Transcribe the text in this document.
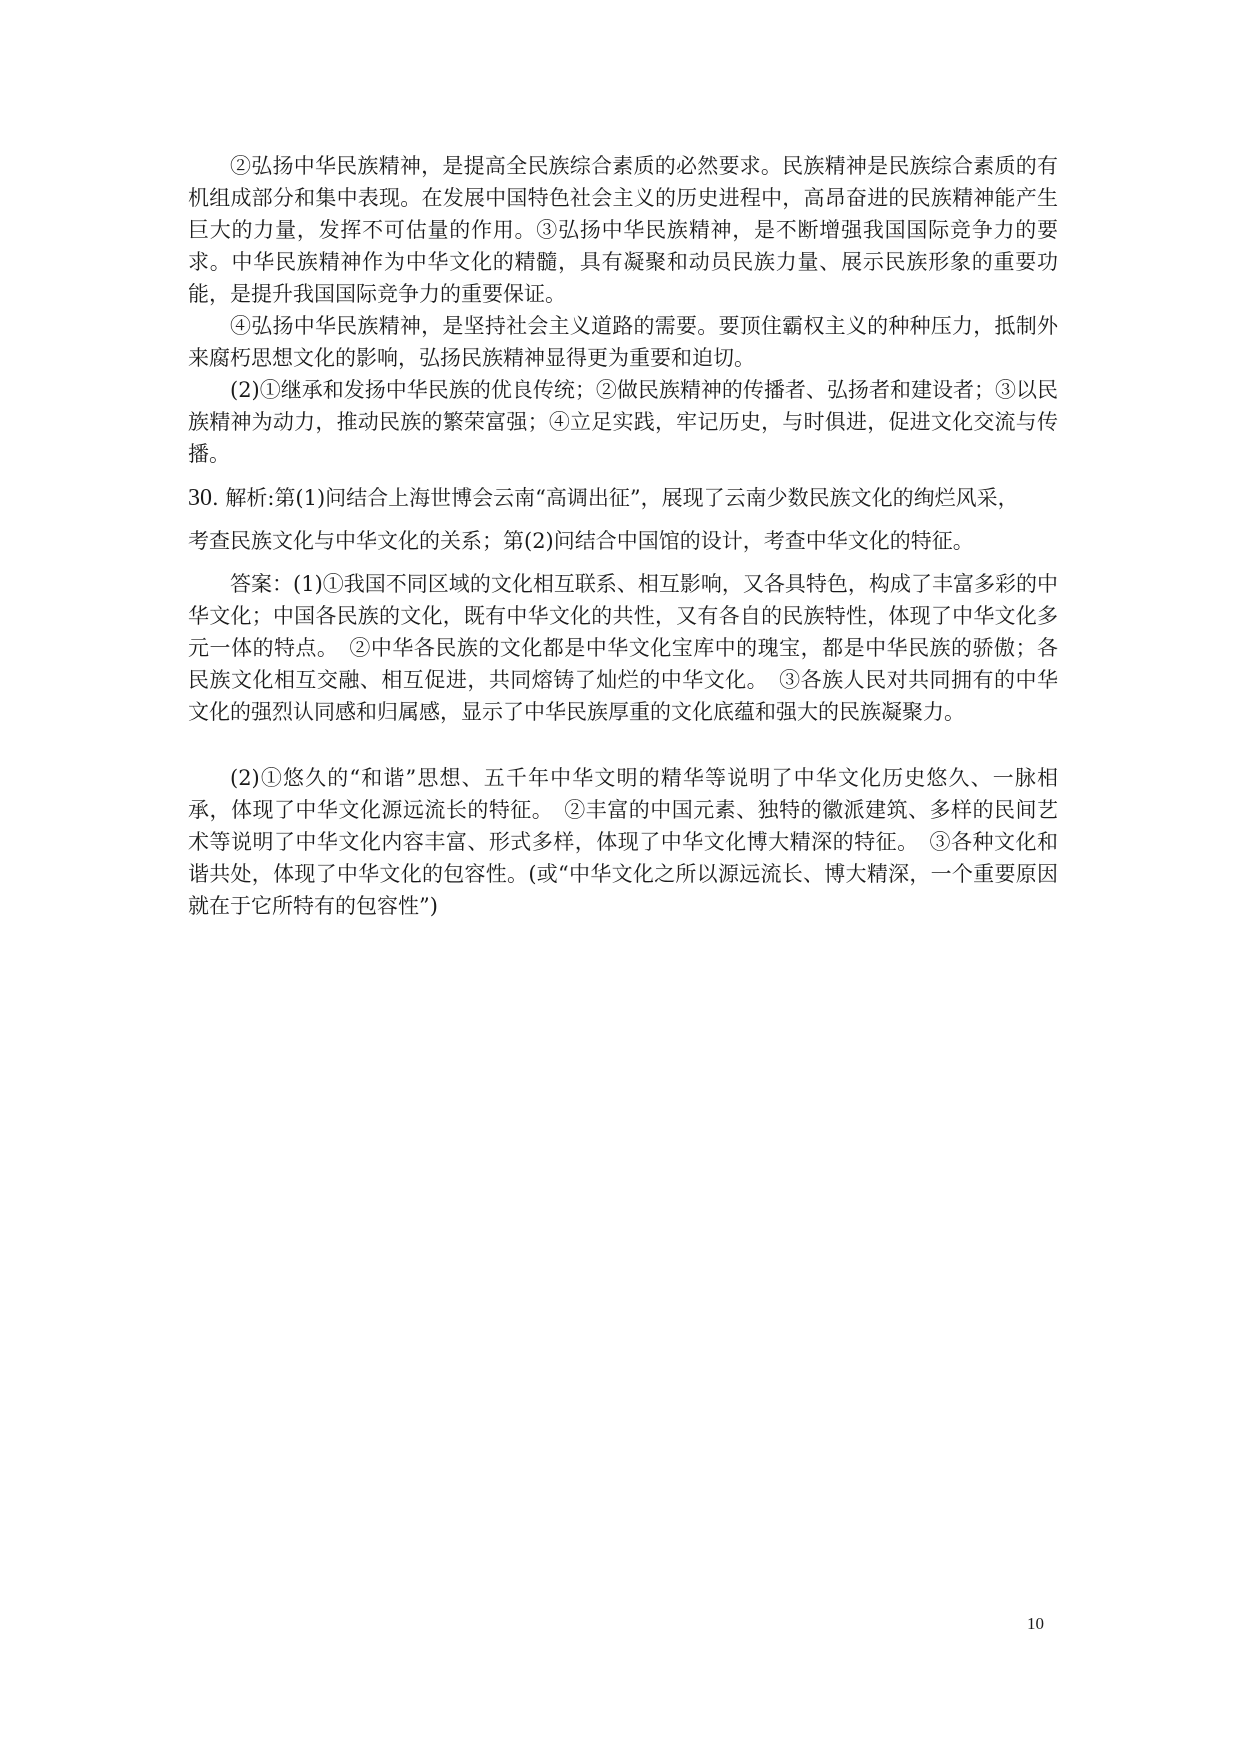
②弘扬中华民族精神，是提高全民族综合素质的必然要求。民族精神是民族综合素质的有机组成部分和集中表现。在发展中国特色社会主义的历史进程中，高昂奋进的民族精神能产生巨大的力量，发挥不可估量的作用。③弘扬中华民族精神，是不断增强我国国际竞争力的要求。中华民族精神作为中华文化的精髓，具有凝聚和动员民族力量、展示民族形象的重要功能，是提升我国国际竞争力的重要保证。

④弘扬中华民族精神，是坚持社会主义道路的需要。要顶住霸权主义的种种压力，抵制外来腐朽思想文化的影响，弘扬民族精神显得更为重要和迫切。

(2)①继承和发扬中华民族的优良传统；②做民族精神的传播者、弘扬者和建设者；③以民族精神为动力，推动民族的繁荣富强；④立足实践，牢记历史，与时俱进，促进文化交流与传播。

30. 解析:第(1)问结合上海世博会云南“高调出征”，展现了云南少数民族文化的绚烂风采，

考查民族文化与中华文化的关系；第(2)问结合中国馆的设计，考查中华文化的特征。

答案：(1)①我国不同区域的文化相互联系、相互影响，又各具特色，构成了丰富多彩的中华文化；中国各民族的文化，既有中华文化的共性，又有各自的民族特性，体现了中华文化多元一体的特点。　②中华各民族的文化都是中华文化宝库中的瑰宝，都是中华民族的骄傲；各民族文化相互交融、相互促进，共同熔铸了灿烂的中华文化。　③各族人民对共同拥有的中华文化的强烈认同感和归属感，显示了中华民族厚重的文化底蕴和强大的民族凝聚力。

(2)①悠久的“和谐”思想、五千年中华文明的精华等说明了中华文化历史悠久、一脉相承，体现了中华文化源远流长的特征。　②丰富的中国元素、独特的徽派建筑、多样的民间艺术等说明了中华文化内容丰富、形式多样，体现了中华文化博大精深的特征。　③各种文化和谐共处，体现了中华文化的包容性。(或“中华文化之所以源远流长、博大精深，一个重要原因就在于它所特有的包容性”)

10
